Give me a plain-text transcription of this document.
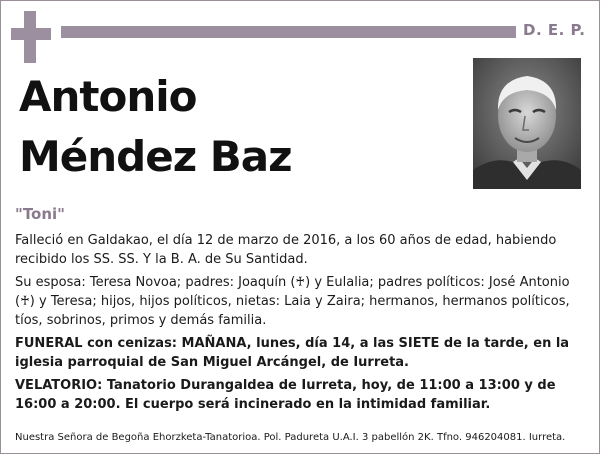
D. E. P.
Antonio
Méndez Baz
"Toni"

Falleció en Galdakao, el día 12 de marzo de 2016, a los 60 años de edad, habiendo recibido los SS. SS. Y la B. A. de Su Santidad.

Su esposa: Teresa Novoa; padres: Joaquín (♰) y Eulalia; padres políticos: José Antonio (♰) y Teresa; hijos, hijos políticos, nietas: Laia y Zaira; hermanos, hermanos políticos, tíos, sobrinos, primos y demás familia.

FUNERAL con cenizas: MAÑANA, lunes, día 14, a las SIETE de la tarde, en la iglesia parroquial de San Miguel Arcángel, de Iurreta.

VELATORIO: Tanatorio Durangaldea de Iurreta, hoy, de 11:00 a 13:00 y de 16:00 a 20:00. El cuerpo será incinerado en la intimidad familiar.

Nuestra Señora de Begoña Ehorzketa-Tanatorioa. Pol. Padureta U.A.I. 3 pabellón 2K. Tfno. 946204081. Iurreta.
